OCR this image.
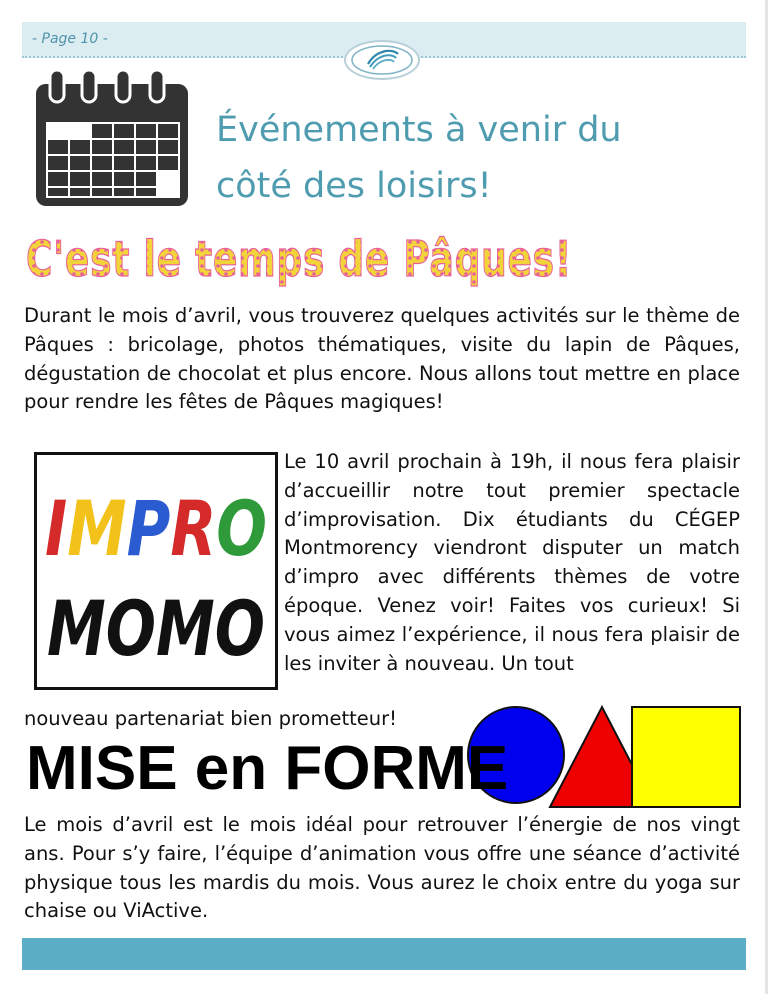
- Page 10 -
Événements à venir du
côté des loisirs!
C'est le temps de Pâques!

Durant le mois d’avril, vous trouverez quelques activités sur le thème de Pâques : bricolage, photos thématiques, visite du lapin de Pâques, dégustation de chocolat et plus encore. Nous allons tout mettre en place pour rendre les fêtes de Pâques magiques!

IMPRO
MOMO

Le 10 avril prochain à 19h, il nous fera plaisir d’accueillir notre tout premier spectacle d’improvisation. Dix étudiants du CÉGEP Montmorency viendront disputer un match d’impro avec différents thèmes de votre époque. Venez voir! Faites vos curieux! Si vous aimez l’expérience, il nous fera plaisir de les inviter à nouveau. Un tout

nouveau partenariat bien prometteur!

MISE en FORME

Le mois d’avril est le mois idéal pour retrouver l’énergie de nos vingt ans. Pour s’y faire, l’équipe d’animation vous offre une séance d’activité physique tous les mardis du mois. Vous aurez le choix entre du yoga sur chaise ou ViActive.
